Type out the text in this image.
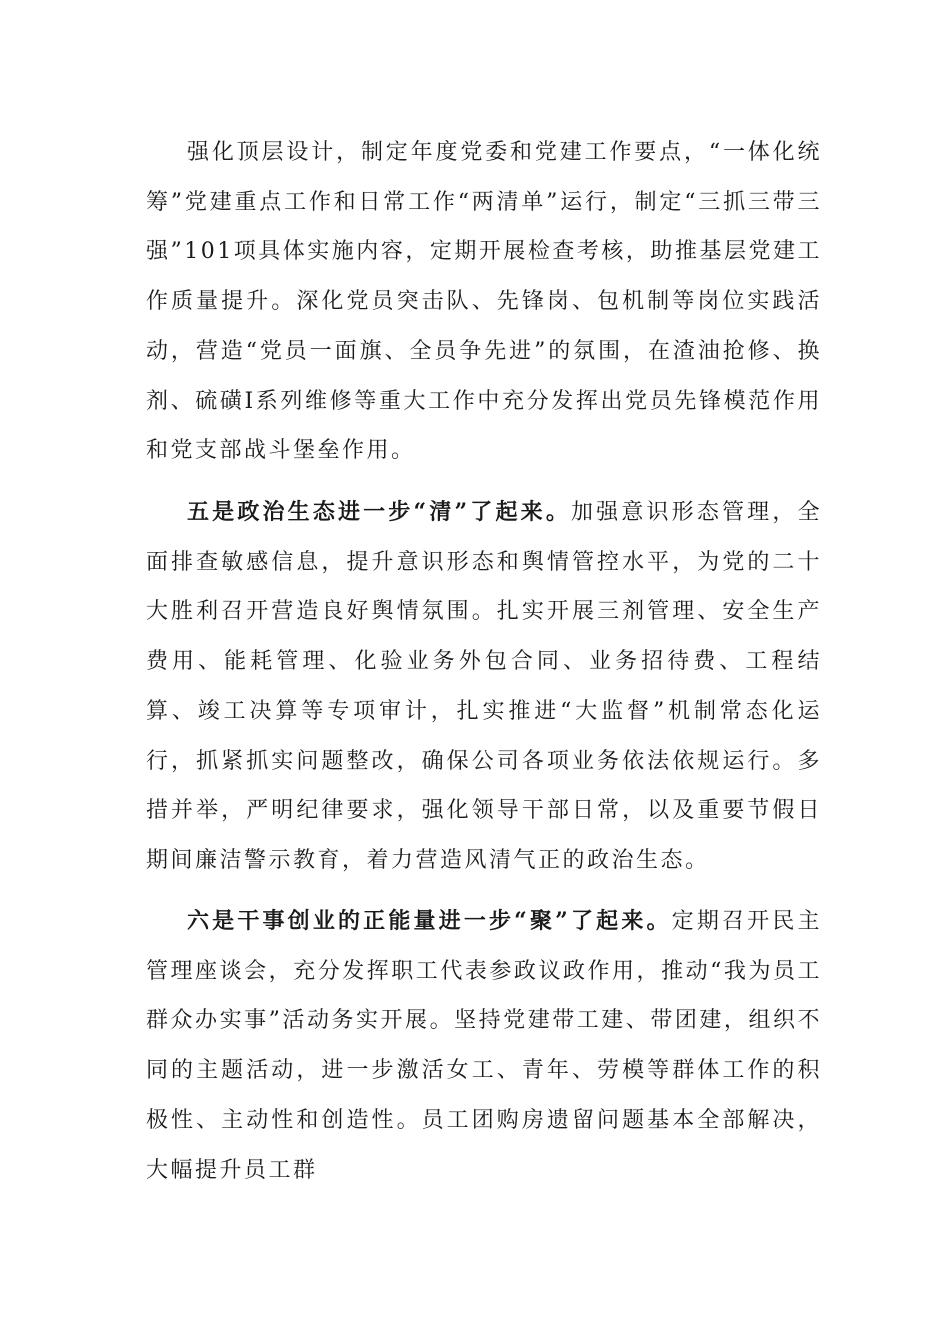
强化顶层设计，制定年度党委和党建工作要点，“一体化统筹”党建重点工作和日常工作“两清单”运行，制定“三抓三带三强”101项具体实施内容，定期开展检查考核，助推基层党建工作质量提升。深化党员突击队、先锋岗、包机制等岗位实践活动，营造“党员一面旗、全员争先进”的氛围，在渣油抢修、换剂、硫磺Ⅰ系列维修等重大工作中充分发挥出党员先锋模范作用和党支部战斗堡垒作用。

五是政治生态进一步“清”了起来。加强意识形态管理，全面排查敏感信息，提升意识形态和舆情管控水平，为党的二十大胜利召开营造良好舆情氛围。扎实开展三剂管理、安全生产费用、能耗管理、化验业务外包合同、业务招待费、工程结算、竣工决算等专项审计，扎实推进“大监督”机制常态化运行，抓紧抓实问题整改，确保公司各项业务依法依规运行。多措并举，严明纪律要求，强化领导干部日常，以及重要节假日期间廉洁警示教育，着力营造风清气正的政治生态。

六是干事创业的正能量进一步“聚”了起来。定期召开民主管理座谈会，充分发挥职工代表参政议政作用，推动“我为员工群众办实事”活动务实开展。坚持党建带工建、带团建，组织不同的主题活动，进一步激活女工、青年、劳模等群体工作的积极性、主动性和创造性。员工团购房遗留问题基本全部解决，大幅提升员工群
